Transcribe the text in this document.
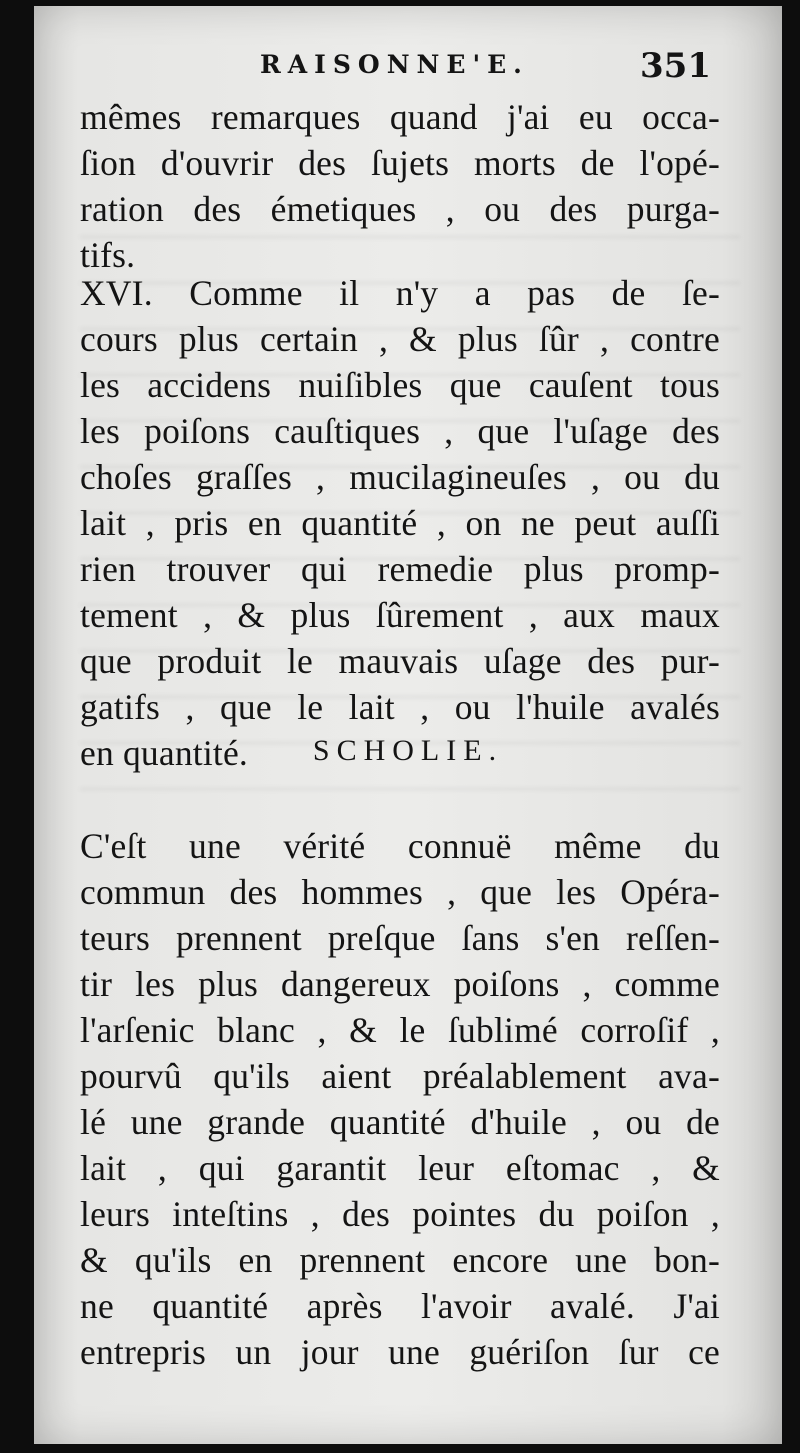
RAISONNE'E.	351
mêmes remarques quand j'ai eu occa-
ſion d'ouvrir des ſujets morts de l'opé-
ration des émetiques , ou des purga-
tifs.
XVI. Comme il n'y a pas de ſe-
cours plus certain , & plus ſûr , contre
les accidens nuiſibles que cauſent tous
les poiſons cauſtiques , que l'uſage des
choſes graſſes , mucilagineuſes , ou du
lait , pris en quantité , on ne peut auſſi
rien trouver qui remedie plus promp-
tement , & plus ſûrement , aux maux
que produit le mauvais uſage des pur-
gatifs , que le lait , ou l'huile avalés
en quantité.	SCHOLIE.
C'eſt une vérité connuë même du
commun des hommes , que les Opéra-
teurs prennent preſque ſans s'en reſſen-
tir les plus dangereux poiſons , comme
l'arſenic blanc , & le ſublimé corroſif ,
pourvû qu'ils aient préalablement ava-
lé une grande quantité d'huile , ou de
lait , qui garantit leur eſtomac , &
leurs inteſtins , des pointes du poiſon ,
& qu'ils en prennent encore une bon-
ne quantité après l'avoir avalé. J'ai
entrepris un jour une guériſon ſur ce
